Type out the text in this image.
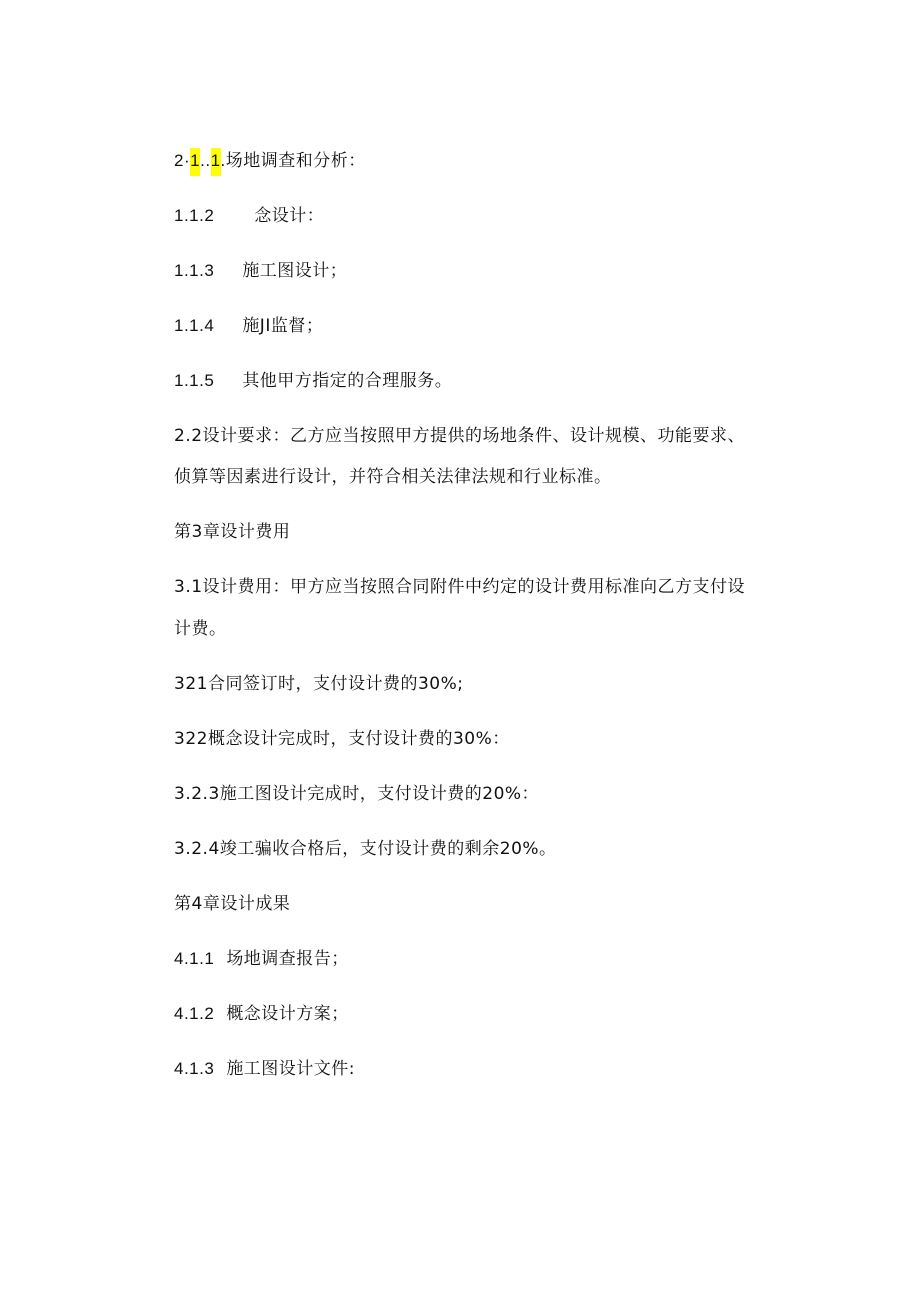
2·1..1.场地调查和分析：
1.1.2 念设计：
1.1.3 施工图设计；
1.1.4 施JI监督；
1.1.5 其他甲方指定的合理服务。
2.2设计要求：乙方应当按照甲方提供的场地条件、设计规模、功能要求、
侦算等因素进行设计，并符合相关法律法规和行业标准。
第3章设计费用
3.1设计费用：甲方应当按照合同附件中约定的设计费用标准向乙方支付设
计费。
321合同签订时，支付设计费的30%;
322概念设计完成时，支付设计费的30%：
3.2.3施工图设计完成时，支付设计费的20%：
3.2.4竣工骗收合格后，支付设计费的剩余20%。
第4章设计成果
4.1.1 场地调查报告；
4.1.2 概念设计方案；
4.1.3 施工图设计文件:
